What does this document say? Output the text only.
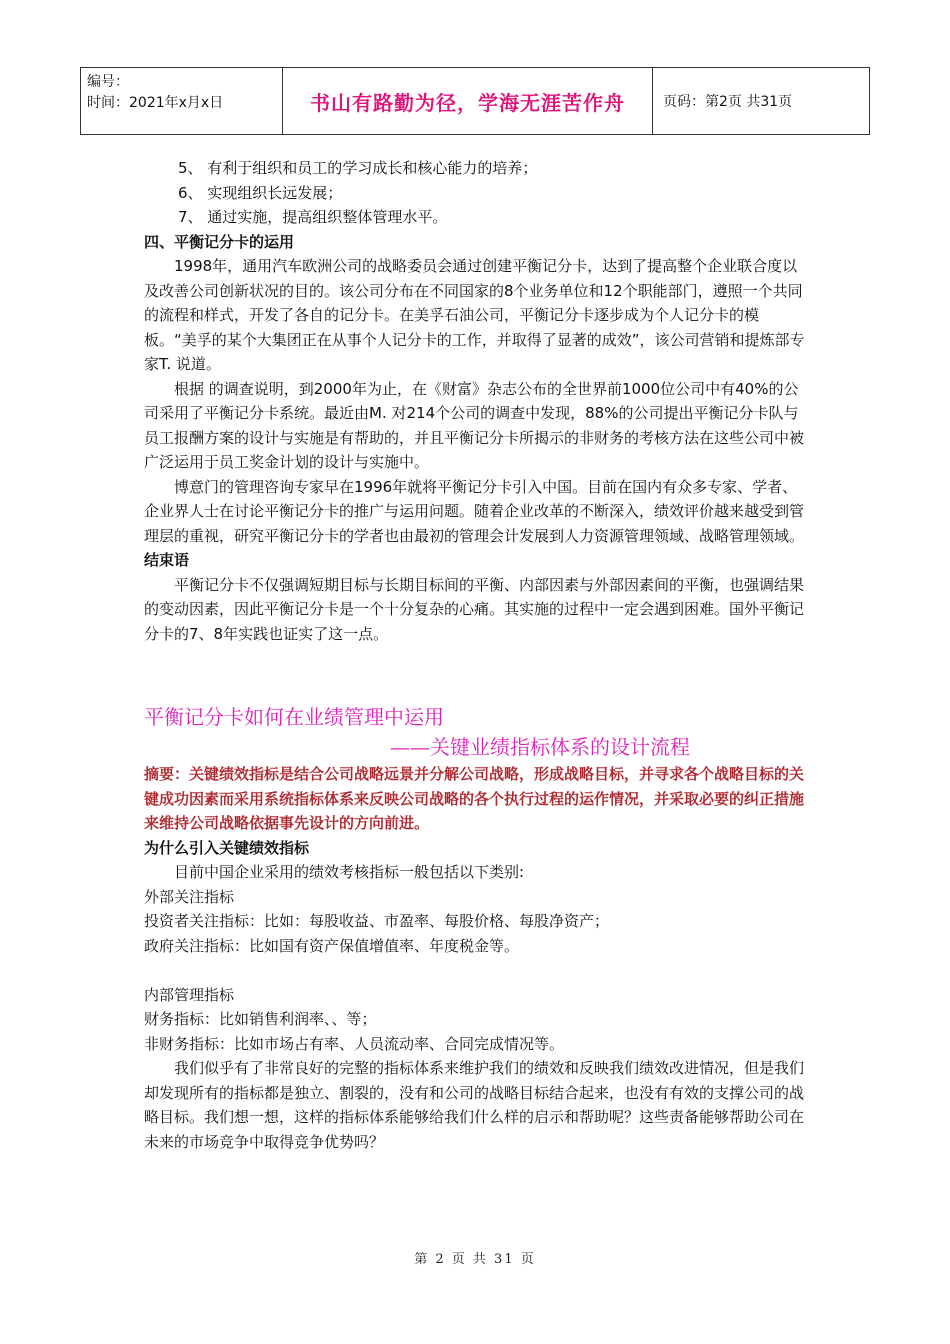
编号：
时间：2021年x月x日	书山有路勤为径，学海无涯苦作舟	页码：第2页 共31页

5、 有利于组织和员工的学习成长和核心能力的培养；

6、 实现组织长远发展；

7、 通过实施，提高组织整体管理水平。

四、平衡记分卡的运用

1998年，通用汽车欧洲公司的战略委员会通过创建平衡记分卡，达到了提高整个企业联合度以及改善公司创新状况的目的。该公司分布在不同国家的8个业务单位和12个职能部门，遵照一个共同的流程和样式，开发了各自的记分卡。在美孚石油公司，平衡记分卡逐步成为个人记分卡的模板。“美孚的某个大集团正在从事个人记分卡的工作，并取得了显著的成效”，该公司营销和提炼部专家T. 说道。

根据 的调查说明，到2000年为止，在《财富》杂志公布的全世界前1000位公司中有40%的公司采用了平衡记分卡系统。最近由M. 对214个公司的调查中发现，88%的公司提出平衡记分卡队与员工报酬方案的设计与实施是有帮助的，并且平衡记分卡所揭示的非财务的考核方法在这些公司中被广泛运用于员工奖金计划的设计与实施中。

博意门的管理咨询专家早在1996年就将平衡记分卡引入中国。目前在国内有众多专家、学者、企业界人士在讨论平衡记分卡的推广与运用问题。随着企业改革的不断深入，绩效评价越来越受到管理层的重视，研究平衡记分卡的学者也由最初的管理会计发展到人力资源管理领域、战略管理领域。

结束语

平衡记分卡不仅强调短期目标与长期目标间的平衡、内部因素与外部因素间的平衡，也强调结果的变动因素，因此平衡记分卡是一个十分复杂的心痛。其实施的过程中一定会遇到困难。国外平衡记分卡的7、8年实践也证实了这一点。

平衡记分卡如何在业绩管理中运用

——关键业绩指标体系的设计流程

摘要：关键绩效指标是结合公司战略远景并分解公司战略，形成战略目标，并寻求各个战略目标的关键成功因素而采用系统指标体系来反映公司战略的各个执行过程的运作情况，并采取必要的纠正措施来维持公司战略依据事先设计的方向前进。

为什么引入关键绩效指标

目前中国企业采用的绩效考核指标一般包括以下类别:

外部关注指标

投资者关注指标：比如：每股收益、市盈率、每股价格、每股净资产；

政府关注指标：比如国有资产保值增值率、年度税金等。

内部管理指标

财务指标：比如销售利润率、、等；

非财务指标：比如市场占有率、人员流动率、合同完成情况等。

我们似乎有了非常良好的完整的指标体系来维护我们的绩效和反映我们绩效改进情况，但是我们却发现所有的指标都是独立、割裂的，没有和公司的战略目标结合起来，也没有有效的支撑公司的战略目标。我们想一想，这样的指标体系能够给我们什么样的启示和帮助呢？这些责备能够帮助公司在未来的市场竞争中取得竞争优势吗？

第 2 页 共 31 页
